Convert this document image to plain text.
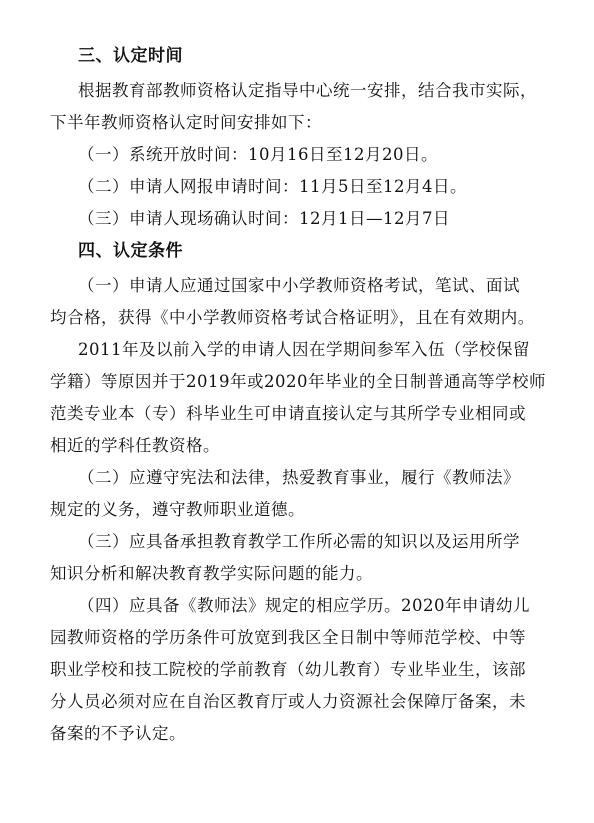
三、认定时间
根据教育部教师资格认定指导中心统一安排，结合我市实际，
下半年教师资格认定时间安排如下：
（一）系统开放时间：10月16日至12月20日。
（二）申请人网报申请时间：11月5日至12月4日。
（三）申请人现场确认时间：12月1日—12月7日
四、认定条件
（一）申请人应通过国家中小学教师资格考试，笔试、面试
均合格，获得《中小学教师资格考试合格证明》，且在有效期内。
2011年及以前入学的申请人因在学期间参军入伍（学校保留
学籍）等原因并于2019年或2020年毕业的全日制普通高等学校师
范类专业本（专）科毕业生可申请直接认定与其所学专业相同或
相近的学科任教资格。
（二）应遵守宪法和法律，热爱教育事业，履行《教师法》
规定的义务，遵守教师职业道德。
（三）应具备承担教育教学工作所必需的知识以及运用所学
知识分析和解决教育教学实际问题的能力。
（四）应具备《教师法》规定的相应学历。2020年申请幼儿
园教师资格的学历条件可放宽到我区全日制中等师范学校、中等
职业学校和技工院校的学前教育（幼儿教育）专业毕业生，该部
分人员必须对应在自治区教育厅或人力资源社会保障厅备案，未
备案的不予认定。
